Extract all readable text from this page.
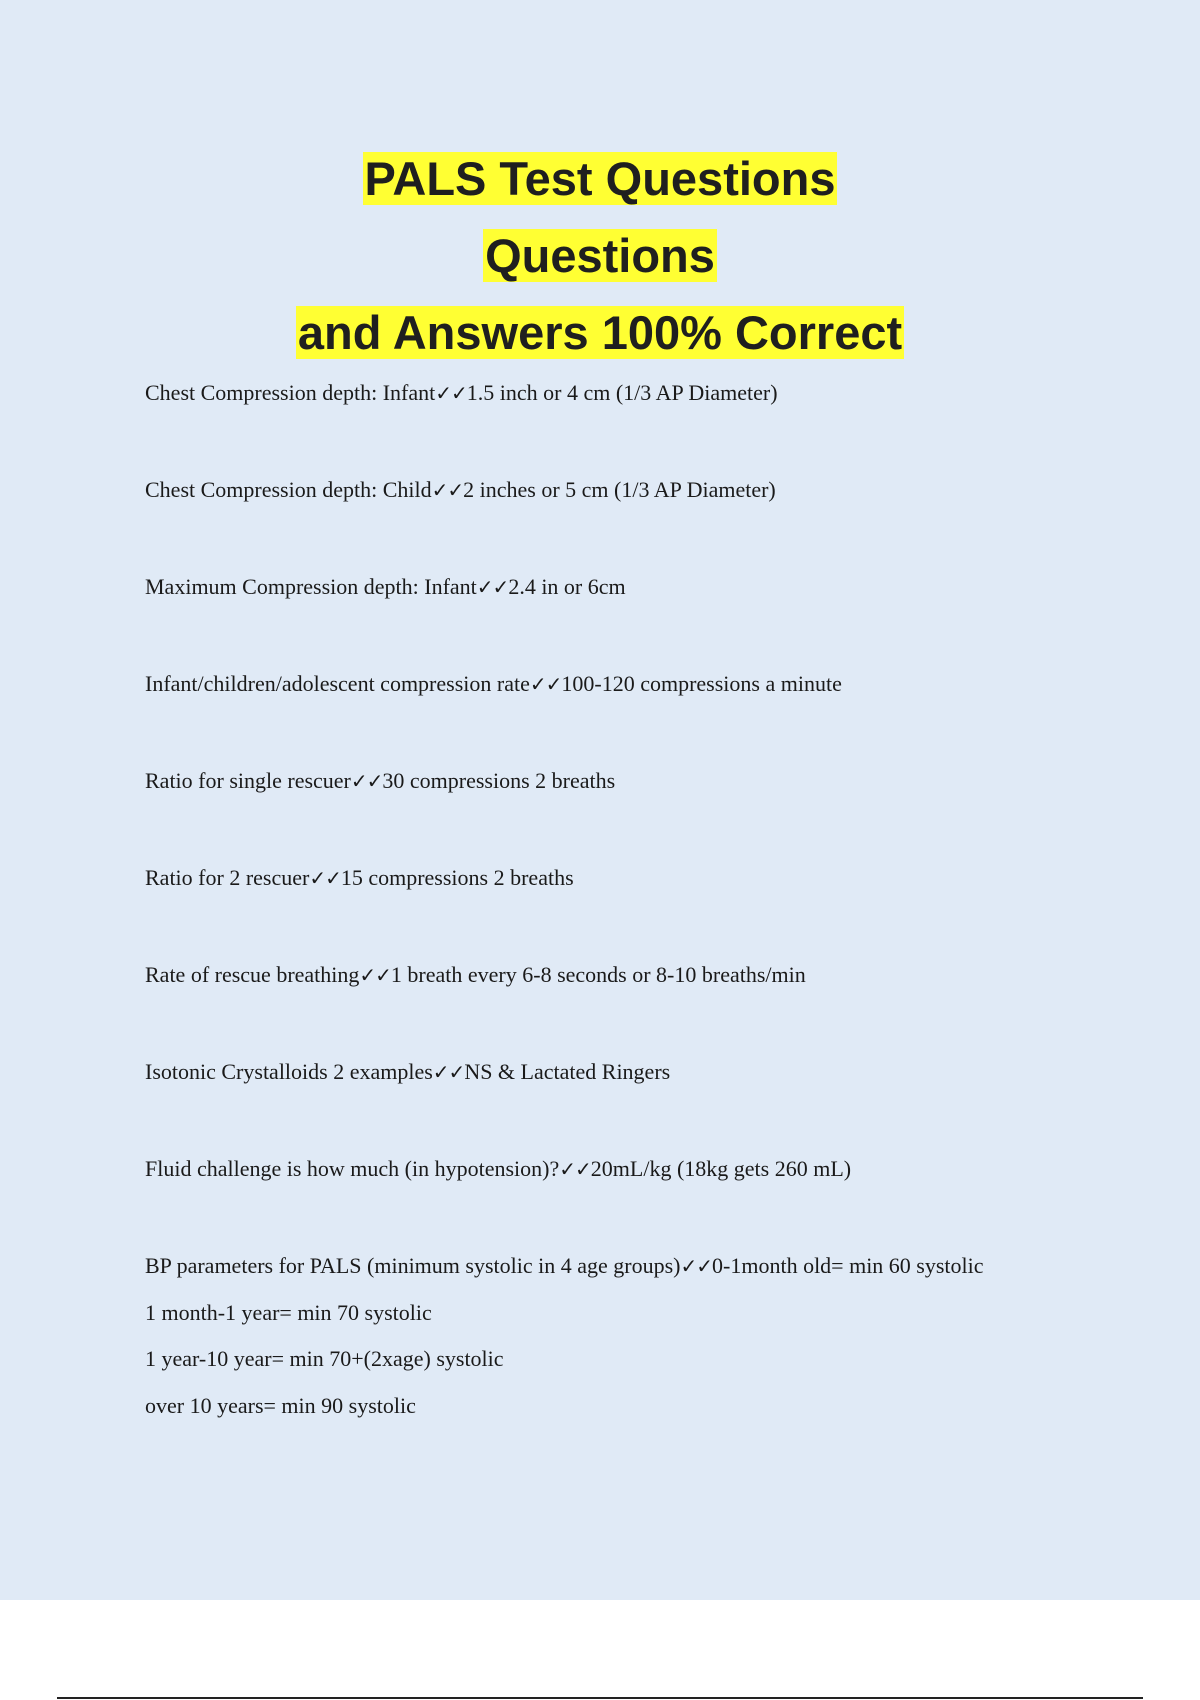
PALS Test Questions

Questions

and Answers 100% Correct

Chest Compression depth: Infant✓✓1.5 inch or 4 cm (1/3 AP Diameter)
Chest Compression depth: Child✓✓2 inches or 5 cm (1/3 AP Diameter)
Maximum Compression depth: Infant✓✓2.4 in or 6cm
Infant/children/adolescent compression rate✓✓100-120 compressions a minute
Ratio for single rescuer✓✓30 compressions 2 breaths
Ratio for 2 rescuer✓✓15 compressions 2 breaths
Rate of rescue breathing✓✓1 breath every 6-8 seconds or 8-10 breaths/min
Isotonic Crystalloids 2 examples✓✓NS & Lactated Ringers
Fluid challenge is how much (in hypotension)?✓✓20mL/kg (18kg gets 260 mL)
BP parameters for PALS (minimum systolic in 4 age groups)✓✓0-1month old= min 60 systolic
1 month-1 year= min 70 systolic
1 year-10 year= min 70+(2xage) systolic
over 10 years= min 90 systolic
